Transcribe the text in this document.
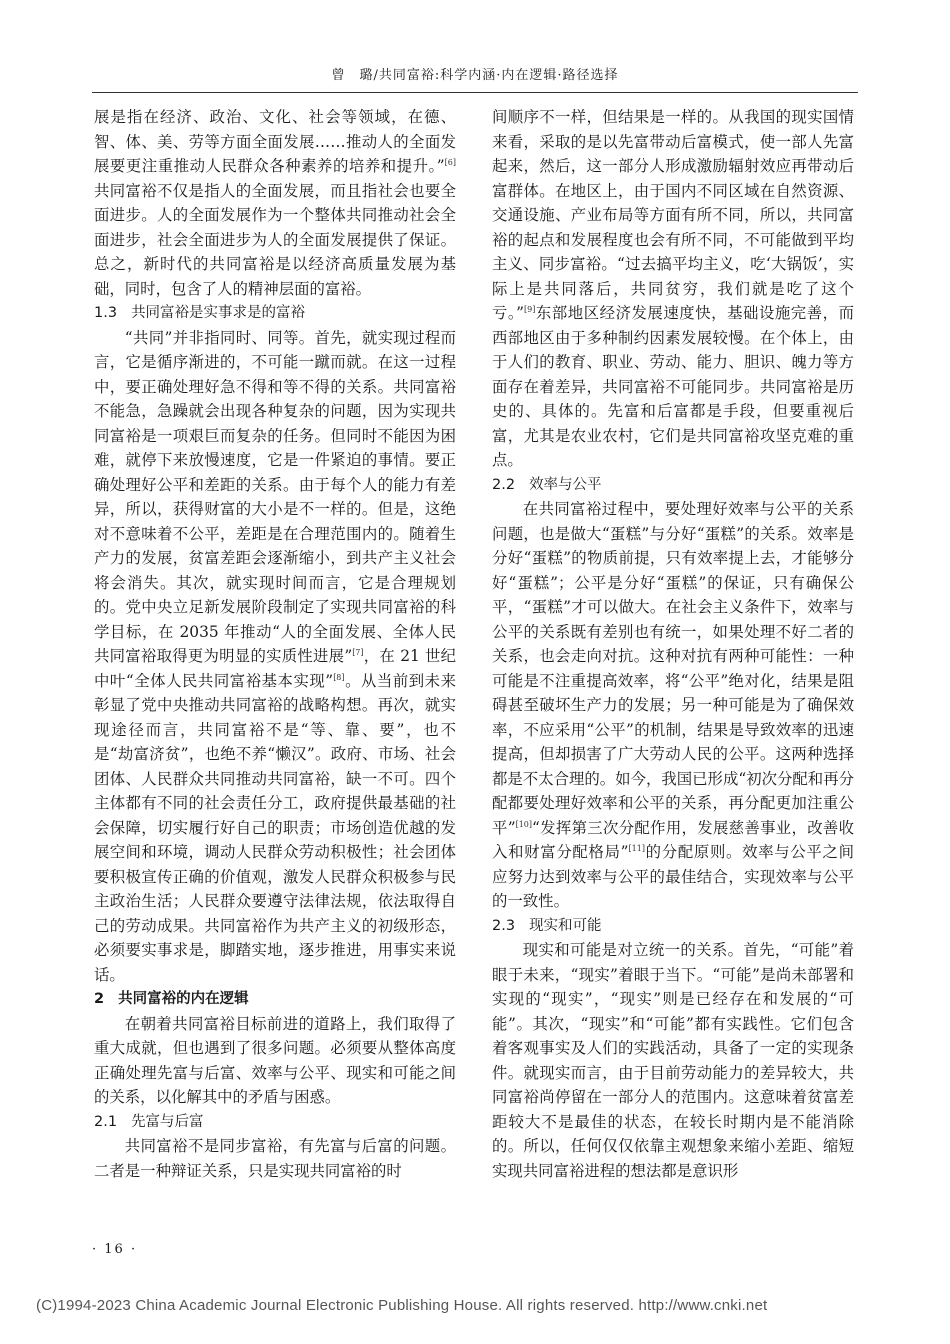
曾　璐/共同富裕:科学内涵·内在逻辑·路径选择

展是指在经济、政治、文化、社会等领域，在德、智、体、美、劳等方面全面发展……推动人的全面发展要更注重推动人民群众各种素养的培养和提升。”[6]共同富裕不仅是指人的全面发展，而且指社会也要全面进步。人的全面发展作为一个整体共同推动社会全面进步，社会全面进步为人的全面发展提供了保证。总之，新时代的共同富裕是以经济高质量发展为基础，同时，包含了人的精神层面的富裕。

1.3 共同富裕是实事求是的富裕

“共同”并非指同时、同等。首先，就实现过程而言，它是循序渐进的，不可能一蹴而就。在这一过程中，要正确处理好急不得和等不得的关系。共同富裕不能急，急躁就会出现各种复杂的问题，因为实现共同富裕是一项艰巨而复杂的任务。但同时不能因为困难，就停下来放慢速度，它是一件紧迫的事情。要正确处理好公平和差距的关系。由于每个人的能力有差异，所以，获得财富的大小是不一样的。但是，这绝对不意味着不公平，差距是在合理范围内的。随着生产力的发展，贫富差距会逐渐缩小，到共产主义社会将会消失。其次，就实现时间而言，它是合理规划的。党中央立足新发展阶段制定了实现共同富裕的科学目标，在 2035 年推动“人的全面发展、全体人民共同富裕取得更为明显的实质性进展”[7]，在 21 世纪中叶“全体人民共同富裕基本实现”[8]。从当前到未来彰显了党中央推动共同富裕的战略构想。再次，就实现途径而言，共同富裕不是“等、靠、要”，也不是“劫富济贫”，也绝不养“懒汉”。政府、市场、社会团体、人民群众共同推动共同富裕，缺一不可。四个主体都有不同的社会责任分工，政府提供最基础的社会保障，切实履行好自己的职责；市场创造优越的发展空间和环境，调动人民群众劳动积极性；社会团体要积极宣传正确的价值观，激发人民群众积极参与民主政治生活；人民群众要遵守法律法规，依法取得自己的劳动成果。共同富裕作为共产主义的初级形态，必须要实事求是，脚踏实地，逐步推进，用事实来说话。

2 共同富裕的内在逻辑

在朝着共同富裕目标前进的道路上，我们取得了重大成就，但也遇到了很多问题。必须要从整体高度正确处理先富与后富、效率与公平、现实和可能之间的关系，以化解其中的矛盾与困惑。

2.1 先富与后富

共同富裕不是同步富裕，有先富与后富的问题。二者是一种辩证关系，只是实现共同富裕的时

间顺序不一样，但结果是一样的。从我国的现实国情来看，采取的是以先富带动后富模式，使一部人先富起来，然后，这一部分人形成激励辐射效应再带动后富群体。在地区上，由于国内不同区域在自然资源、交通设施、产业布局等方面有所不同，所以，共同富裕的起点和发展程度也会有所不同，不可能做到平均主义、同步富裕。“过去搞平均主义，吃‘大锅饭’，实际上是共同落后，共同贫穷，我们就是吃了这个亏。”[9]东部地区经济发展速度快，基础设施完善，而西部地区由于多种制约因素发展较慢。在个体上，由于人们的教育、职业、劳动、能力、胆识、魄力等方面存在着差异，共同富裕不可能同步。共同富裕是历史的、具体的。先富和后富都是手段，但要重视后富，尤其是农业农村，它们是共同富裕攻坚克难的重点。

2.2 效率与公平

在共同富裕过程中，要处理好效率与公平的关系问题，也是做大“蛋糕”与分好“蛋糕”的关系。效率是分好“蛋糕”的物质前提，只有效率提上去，才能够分好“蛋糕”；公平是分好“蛋糕”的保证，只有确保公平，“蛋糕”才可以做大。在社会主义条件下，效率与公平的关系既有差别也有统一，如果处理不好二者的关系，也会走向对抗。这种对抗有两种可能性：一种可能是不注重提高效率，将“公平”绝对化，结果是阻碍甚至破坏生产力的发展；另一种可能是为了确保效率，不应采用“公平”的机制，结果是导致效率的迅速提高，但却损害了广大劳动人民的公平。这两种选择都是不太合理的。如今，我国已形成“初次分配和再分配都要处理好效率和公平的关系，再分配更加注重公平”[10]“发挥第三次分配作用，发展慈善事业，改善收入和财富分配格局”[11]的分配原则。效率与公平之间应努力达到效率与公平的最佳结合，实现效率与公平的一致性。

2.3 现实和可能

现实和可能是对立统一的关系。首先，“可能”着眼于未来，“现实”着眼于当下。“可能”是尚未部署和实现的“现实”，“现实”则是已经存在和发展的“可能”。其次，“现实”和“可能”都有实践性。它们包含着客观事实及人们的实践活动，具备了一定的实现条件。就现实而言，由于目前劳动能力的差异较大，共同富裕尚停留在一部分人的范围内。这意味着贫富差距较大不是最佳的状态，在较长时期内是不能消除的。所以，任何仅仅依靠主观想象来缩小差距、缩短实现共同富裕进程的想法都是意识形

· 16 ·
(C)1994-2023 China Academic Journal Electronic Publishing House. All rights reserved. http://www.cnki.net
